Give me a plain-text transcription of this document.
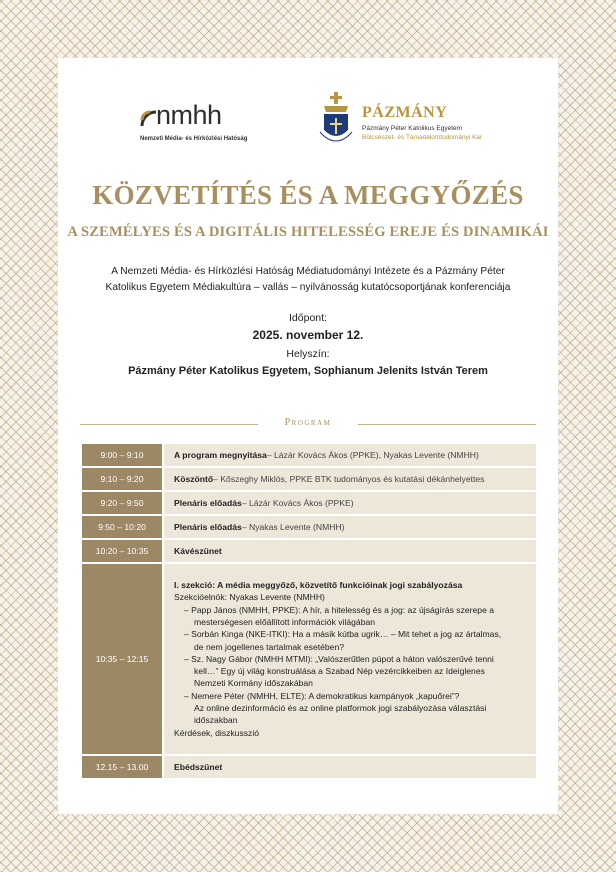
nmhh
Nemzeti Média- és Hírközlési Hatóság
PÁZMÁNY
Pázmány Péter Katolikus Egyetem
Bölcsészet- és Társadalomtudományi Kar
KÖZVETÍTÉS ÉS A MEGGYŐZÉS
A SZEMÉLYES ÉS A DIGITÁLIS HITELESSÉG EREJE ÉS DINAMIKÁI
A Nemzeti Média- és Hírközlési Hatóság Médiatudományi Intézete és a Pázmány Péter
Katolikus Egyetem Médiakultúra – vallás – nyilvánosság kutatócsoportjának konferenciája
Időpont:
2025. november 12.
Helyszín:
Pázmány Péter Katolikus Egyetem, Sophianum Jelenits István Terem
Program
9:00 – 9:10	A program megnyitása – Lázár Kovács Ákos (PPKE), Nyakas Levente (NMHH)
9:10 – 9:20	Köszöntő – Kőszeghy Miklós, PPKE BTK tudományos és kutatási dékánhelyettes
9:20 – 9:50	Plenáris előadás – Lázár Kovács Ákos (PPKE)
9:50 – 10:20	Plenáris előadás – Nyakas Levente (NMHH)
10:20 – 10:35	Kávészünet
10:35 – 12:15
I. szekció: A média meggyőző, közvetítő funkcióinak jogi szabályozása
Szekcióelnök: Nyakas Levente (NMHH)
– Papp János (NMHH, PPKE): A hír, a hitelesség és a jog: az újságírás szerepe a
mesterségesen előállított információk világában
– Sorbán Kinga (NKE-ITKI): Ha a másik kútba ugrik… – Mit tehet a jog az ártalmas,
de nem jogellenes tartalmak esetében?
– Sz. Nagy Gábor (NMHH MTMI): „Valószerűtlen púpot a háton valószerűvé tenni
kell…” Egy új világ konstruálása a Szabad Nép vezércikkeiben az Ideiglenes
Nemzeti Kormány időszakában
– Nemere Péter (NMHH, ELTE): A demokratikus kampányok „kapuőrei”?
Az online dezinformáció és az online platformok jogi szabályozása választási
időszakban
Kérdések, diszkusszió
12.15 – 13.00	Ebédszünet
